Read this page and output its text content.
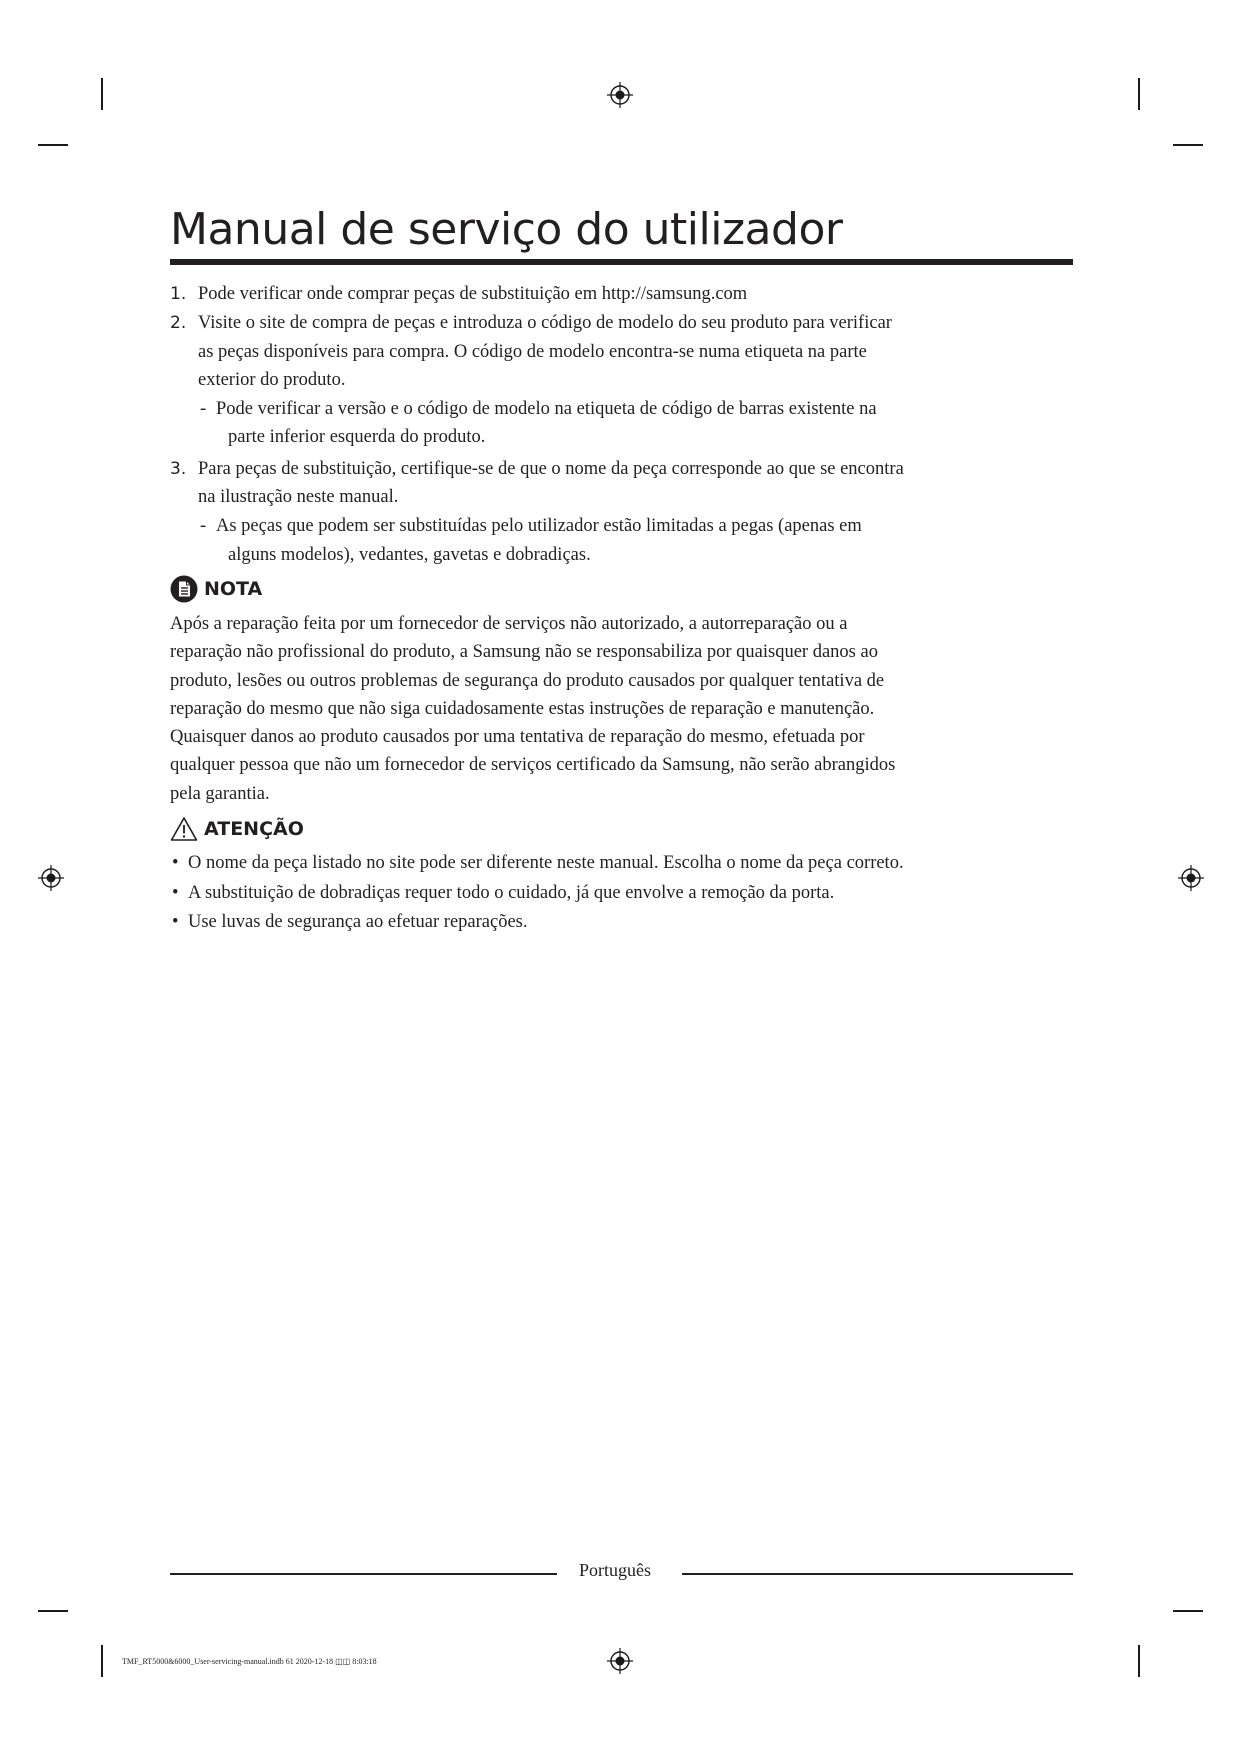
Manual de serviço do utilizador
1. Pode verificar onde comprar peças de substituição em http://samsung.com
2. Visite o site de compra de peças e introduza o código de modelo do seu produto para verificar as peças disponíveis para compra. O código de modelo encontra-se numa etiqueta na parte exterior do produto.
- Pode verificar a versão e o código de modelo na etiqueta de código de barras existente na parte inferior esquerda do produto.
3. Para peças de substituição, certifique-se de que o nome da peça corresponde ao que se encontra na ilustração neste manual.
- As peças que podem ser substituídas pelo utilizador estão limitadas a pegas (apenas em alguns modelos), vedantes, gavetas e dobradiças.
NOTA

Após a reparação feita por um fornecedor de serviços não autorizado, a autorreparação ou a reparação não profissional do produto, a Samsung não se responsabiliza por quaisquer danos ao produto, lesões ou outros problemas de segurança do produto causados por qualquer tentativa de reparação do mesmo que não siga cuidadosamente estas instruções de reparação e manutenção. Quaisquer danos ao produto causados por uma tentativa de reparação do mesmo, efetuada por qualquer pessoa que não um fornecedor de serviços certificado da Samsung, não serão abrangidos pela garantia.

ATENÇÃO
• O nome da peça listado no site pode ser diferente neste manual. Escolha o nome da peça correto.
• A substituição de dobradiças requer todo o cuidado, já que envolve a remoção da porta.
• Use luvas de segurança ao efetuar reparações.
Português
TMF_RT5000&6000_User-servicing-manual.indb 61 2020-12-18 ◫◫ 8:03:18
